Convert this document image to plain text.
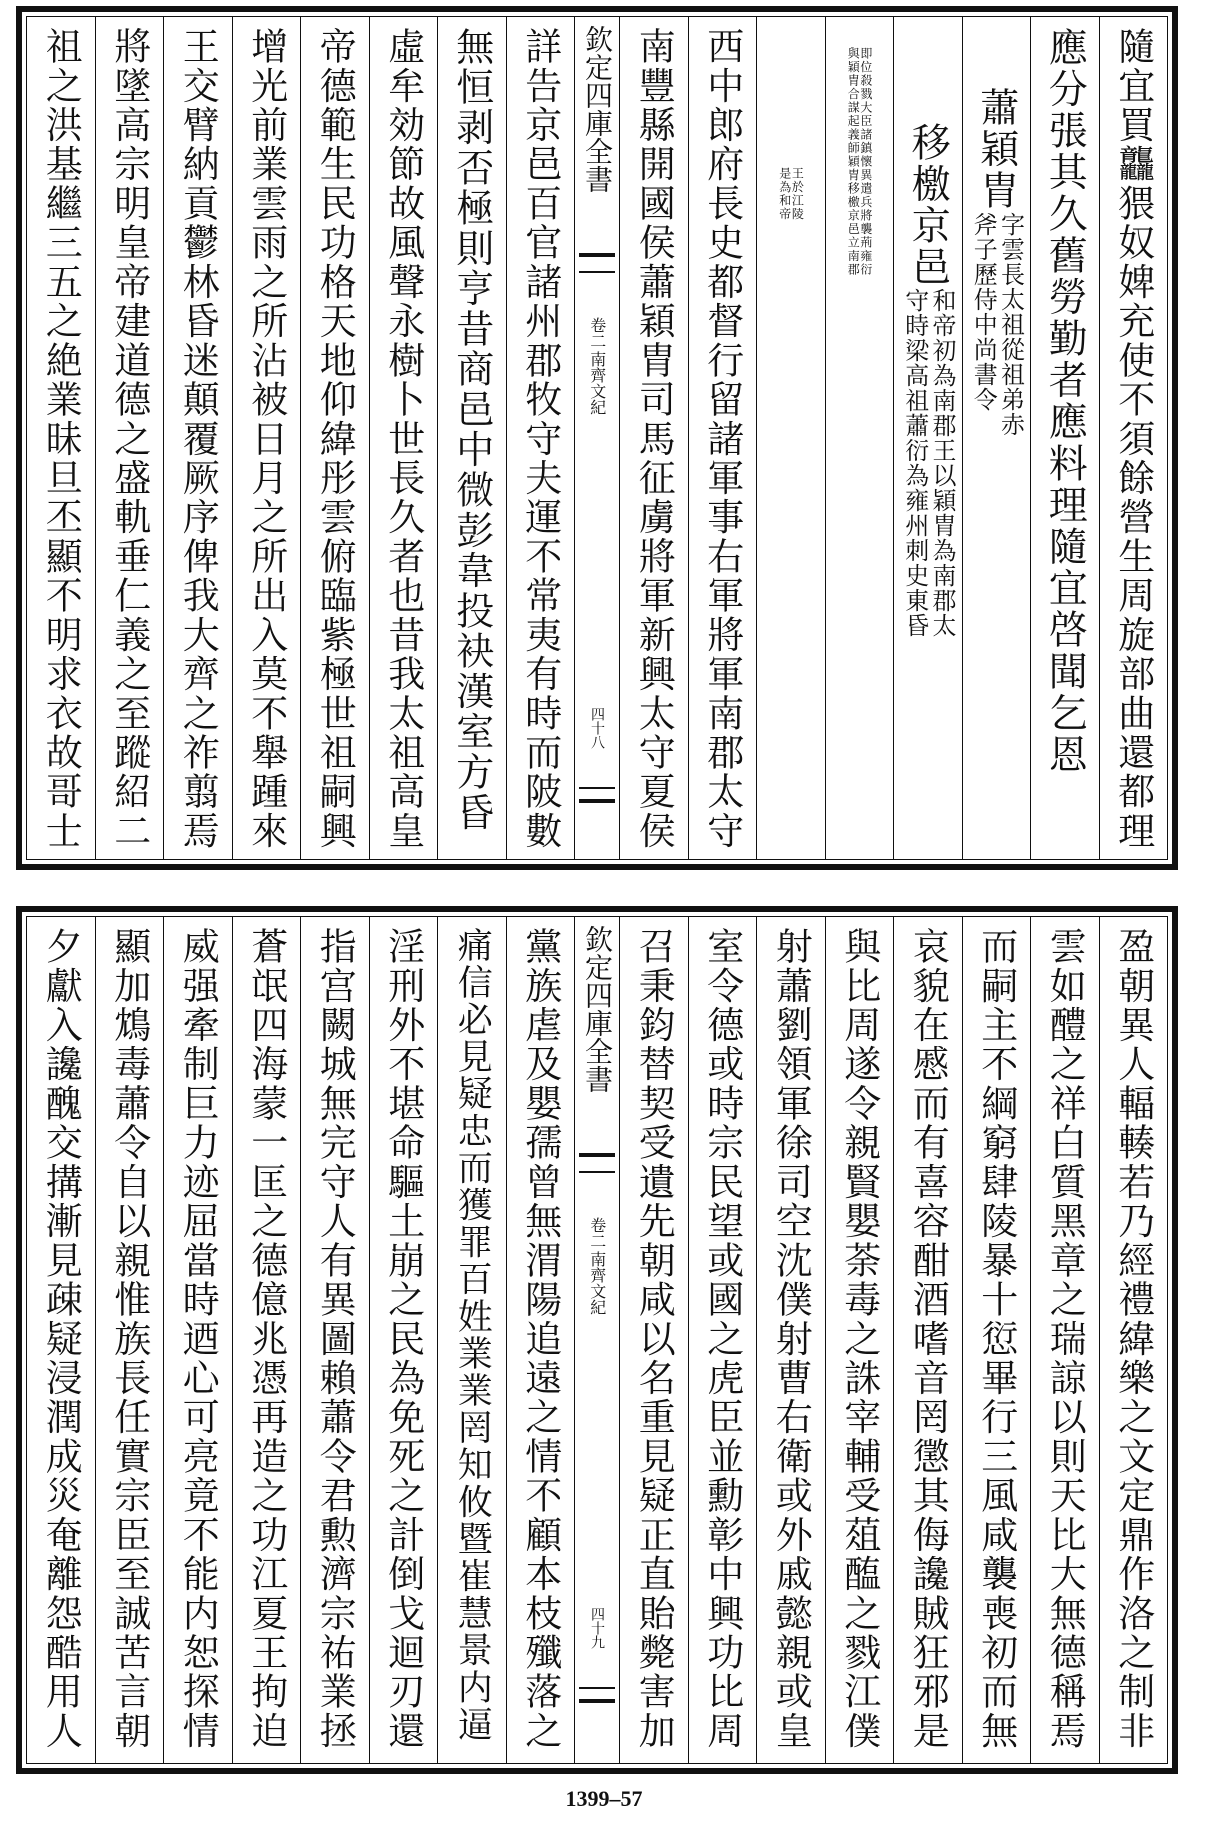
隨宜買龘猥奴婢充使不須餘營生周旋部曲還都理
應分張其久舊勞勤者應料理隨宜啓聞乞恩
蕭穎胄
字雲長太祖從祖弟赤
斧子歷侍中尚書令
移檄京邑
和帝初為南郡王以穎胄為南郡太
守時梁高祖蕭衍為雍州刺史東昏
即位殺戮大臣諸鎮懷異遣兵將襲荊雍衍
與穎胄合謀起義師穎胄移檄京邑立南郡
王於江陵
是為和帝
西中郎府長史都督行留諸軍事右軍將軍南郡太守
南豐縣開國侯蕭穎胄司馬征虜將軍新興太守夏侯
欽定四庫全書
南齊文紀
卷二
四十八
詳告京邑百官諸州郡牧守夫運不常夷有時而陂數
無恒剥否極則亨昔商邑中微彭韋投袂漢室方昏
虛牟効節故風聲永樹卜世長久者也昔我太祖高皇
帝德範生民功格天地仰緯彤雲俯臨紫極世祖嗣興
增光前業雲雨之所沾被日月之所出入莫不舉踵來
王交臂納貢鬱林昏迷顛覆厥序俾我大齊之祚翦焉
將墜高宗明皇帝建道德之盛軌垂仁義之至蹤紹二
祖之洪基繼三五之絶業昧旦丕顯不明求衣故哥士
盈朝異人輻輳若乃經禮緯樂之文定鼎作洛之制非
雲如醴之祥白質黑章之瑞諒以則天比大無德稱焉
而嗣主不綱窮肆陵暴十愆畢行三風咸襲喪初而無
哀貌在慼而有喜容酣酒嗜音罔懲其侮讒賊狂邪是
與比周遂令親賢嬰荼毒之誅宰輔受葅醢之戮江僕
射蕭劉領軍徐司空沈僕射曹右衛或外戚懿親或皇
室令德或時宗民望或國之虎臣並勳彰中興功比周
召秉鈞替契受遺先朝咸以名重見疑正直貽斃害加
欽定四庫全書
南齊文紀
卷二
四十九
黨族虐及嬰孺曾無渭陽追遠之情不顧本枝殲落之
痛信必見疑忠而獲罪百姓業業罔知攸暨崔慧景内逼
淫刑外不堪命驅土崩之民為免死之計倒戈迴刃還
指宫闕城無完守人有異圖賴蕭令君勲濟宗祐業拯
蒼氓四海蒙一匡之德億兆憑再造之功江夏王拘迫
威强牽制巨力迹屈當時迺心可亮竟不能内恕探情
顯加鴆毒蕭令自以親惟族長任實宗臣至誠苦言朝
夕獻入讒醜交搆漸見疎疑浸潤成災奄離怨酷用人
1399–57
